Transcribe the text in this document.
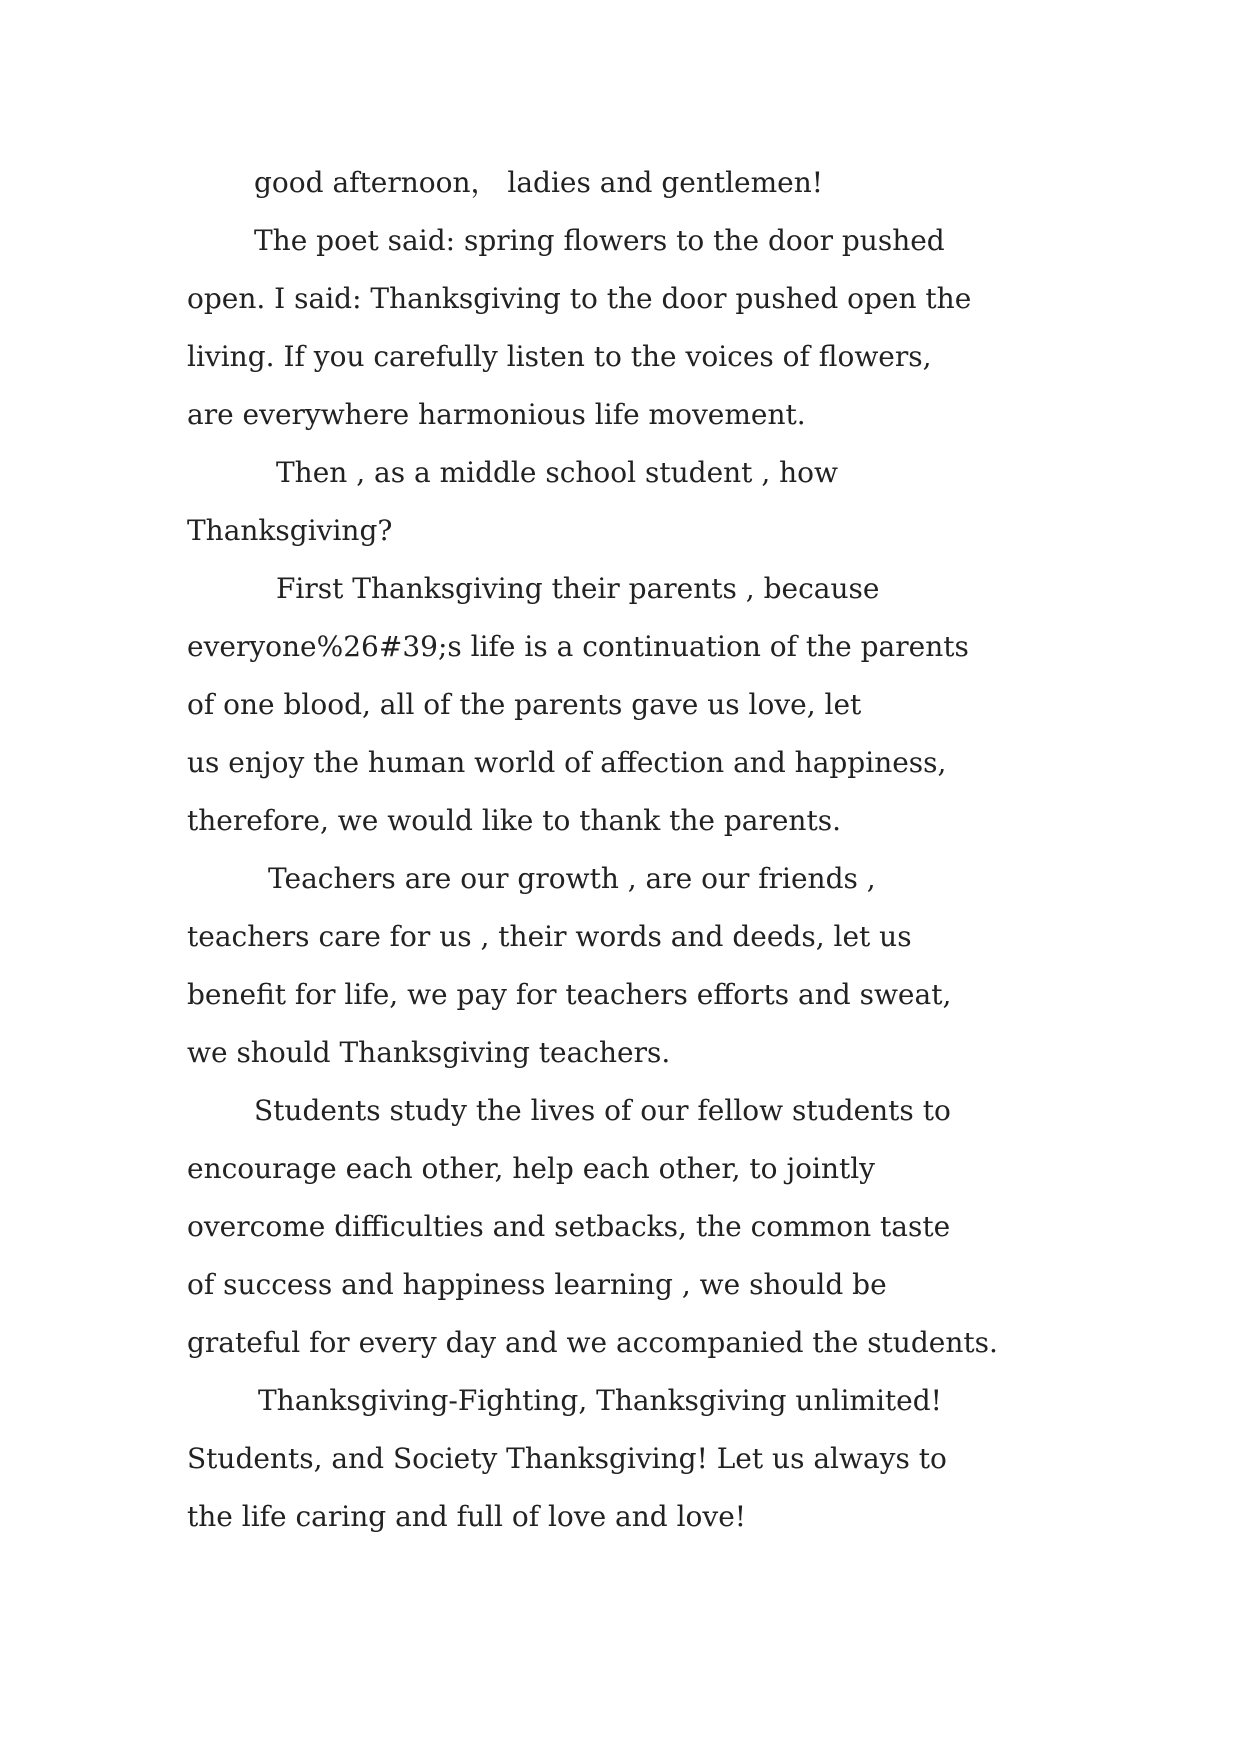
good afternoon， ladies and gentlemen!
The poet said: spring flowers to the door pushed
open. I said: Thanksgiving to the door pushed open the
living. If you carefully listen to the voices of flowers,
are everywhere harmonious life movement.
Then , as a middle school student , how
Thanksgiving?
First Thanksgiving their parents , because
everyone%26#39;s life is a continuation of the parents
of one blood, all of the parents gave us love, let
us enjoy the human world of affection and happiness,
therefore, we would like to thank the parents.
Teachers are our growth , are our friends ,
teachers care for us , their words and deeds, let us
benefit for life, we pay for teachers efforts and sweat,
we should Thanksgiving teachers.
Students study the lives of our fellow students to
encourage each other, help each other, to jointly
overcome difficulties and setbacks, the common taste
of success and happiness learning , we should be
grateful for every day and we accompanied the students.
Thanksgiving-Fighting, Thanksgiving unlimited!
Students, and Society Thanksgiving! Let us always to
the life caring and full of love and love!
